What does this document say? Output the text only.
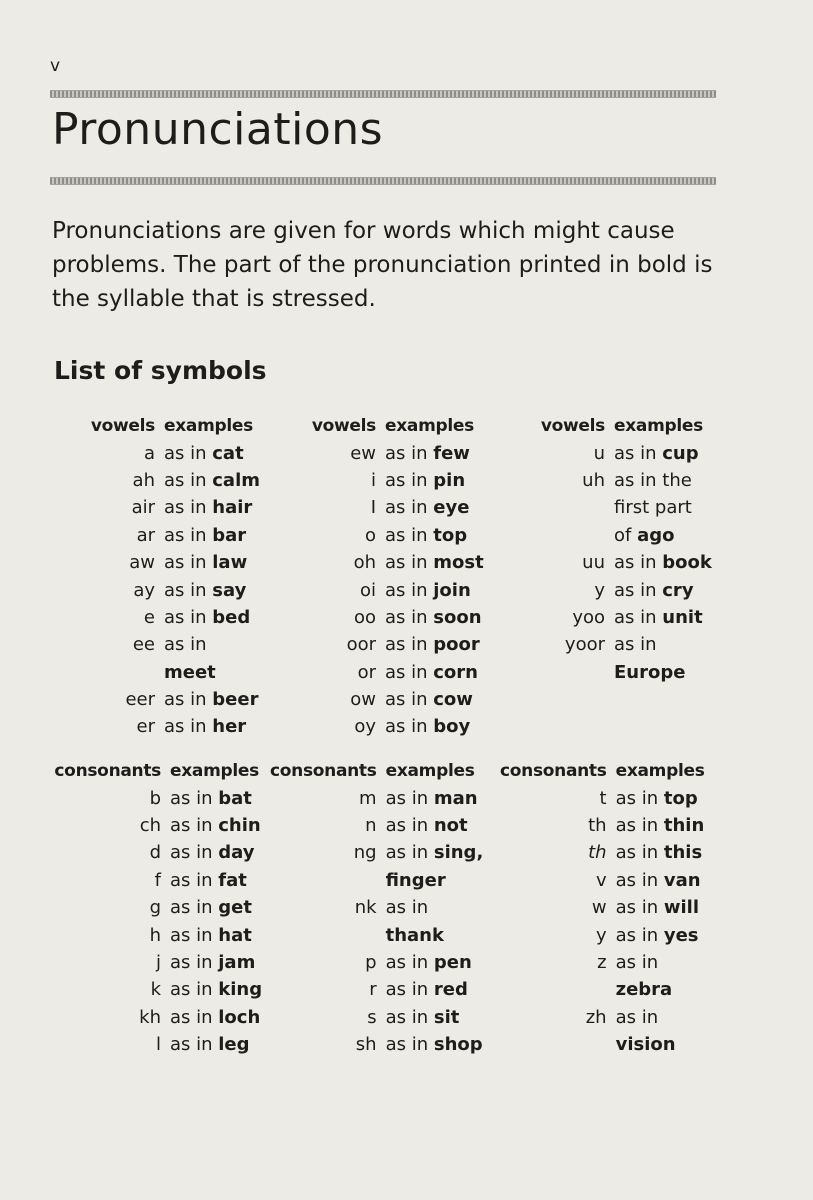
v
Pronunciations

Pronunciations are given for words which might cause problems. The part of the pronunciation printed in bold is the syllable that is stressed.

List of symbols
vowels	examples
a	as in cat
ah	as in calm
air	as in hair
ar	as in bar
aw	as in law
ay	as in say
e	as in bed
ee	as in
	meet
eer	as in beer
er	as in her
vowels	examples
ew	as in few
i	as in pin
I	as in eye
o	as in top
oh	as in most
oi	as in join
oo	as in soon
oor	as in poor
or	as in corn
ow	as in cow
oy	as in boy
vowels	examples
u	as in cup
uh	as in the
	first part
	of ago
uu	as in book
y	as in cry
yoo	as in unit
yoor	as in
	Europe
consonants	examples
b	as in bat
ch	as in chin
d	as in day
f	as in fat
g	as in get
h	as in hat
j	as in jam
k	as in king
kh	as in loch
l	as in leg
consonants	examples
m	as in man
n	as in not
ng	as in sing,
	finger
nk	as in
	thank
p	as in pen
r	as in red
s	as in sit
sh	as in shop
consonants	examples
t	as in top
th	as in thin
th	as in this
v	as in van
w	as in will
y	as in yes
z	as in
	zebra
zh	as in
	vision
